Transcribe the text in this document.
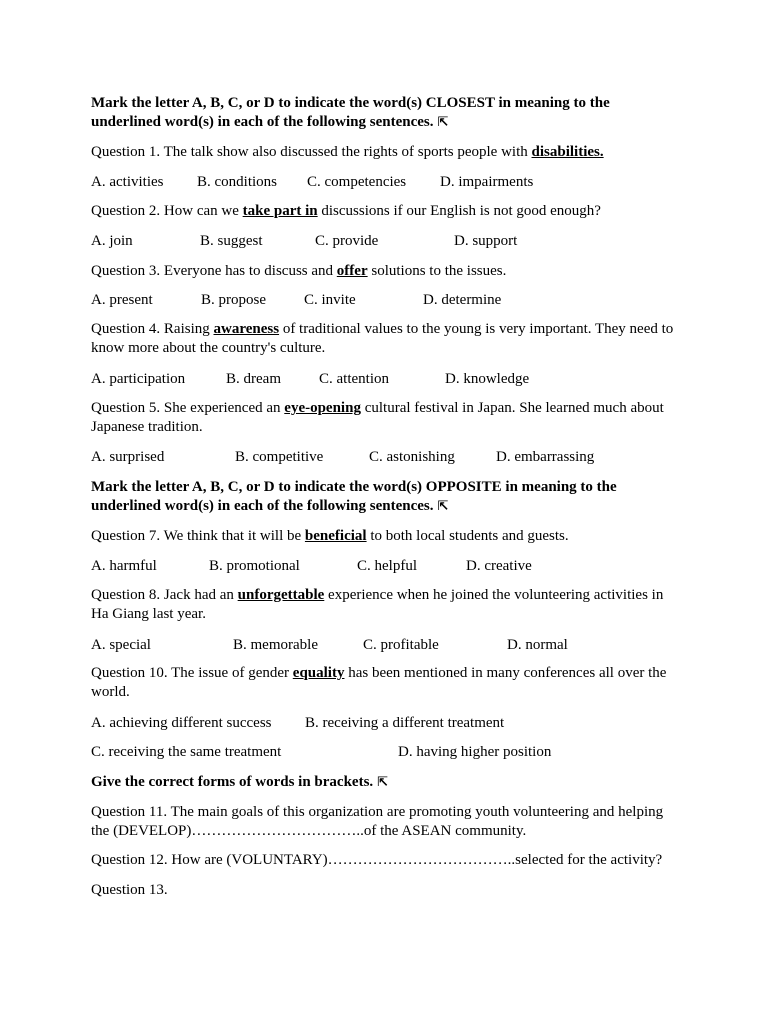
Mark the letter A, B, C, or D to indicate the word(s) CLOSEST in meaning to the underlined word(s) in each of the following sentences. ⇱
Question 1. The talk show also discussed the rights of sports people with disabilities.
A. activities B. conditions C. competencies D. impairments
Question 2. How can we take part in discussions if our English is not good enough?
A. join	B. suggest	C. provide	D. support
Question 3. Everyone has to discuss and offer solutions to the issues.
A. present	B. propose	C. invite	D. determine
Question 4. Raising awareness of traditional values to the young is very important. They need to know more about the country's culture.
A. participation	B. dream	C. attention	D. knowledge
Question 5. She experienced an eye-opening cultural festival in Japan. She learned much about Japanese tradition.
A. surprised	B. competitive	C. astonishing	D. embarrassing
Mark the letter A, B, C, or D to indicate the word(s) OPPOSITE in meaning to the underlined word(s) in each of the following sentences. ⇱
Question 7. We think that it will be beneficial to both local students and guests.
A. harmful	B. promotional	C. helpful	D. creative
Question 8. Jack had an unforgettable experience when he joined the volunteering activities in Ha Giang last year.
A. special	B. memorable	C. profitable	D. normal
Question 10. The issue of gender equality has been mentioned in many conferences all over the world.
A. achieving different success B. receiving a different treatment
C. receiving the same treatment	D. having higher position
Give the correct forms of words in brackets. ⇱
Question 11. The main goals of this organization are promoting youth volunteering and helping the (DEVELOP)……………………………..of the ASEAN community.
Question 12. How are (VOLUNTARY)………………………………..selected for the activity?
Question 13.
